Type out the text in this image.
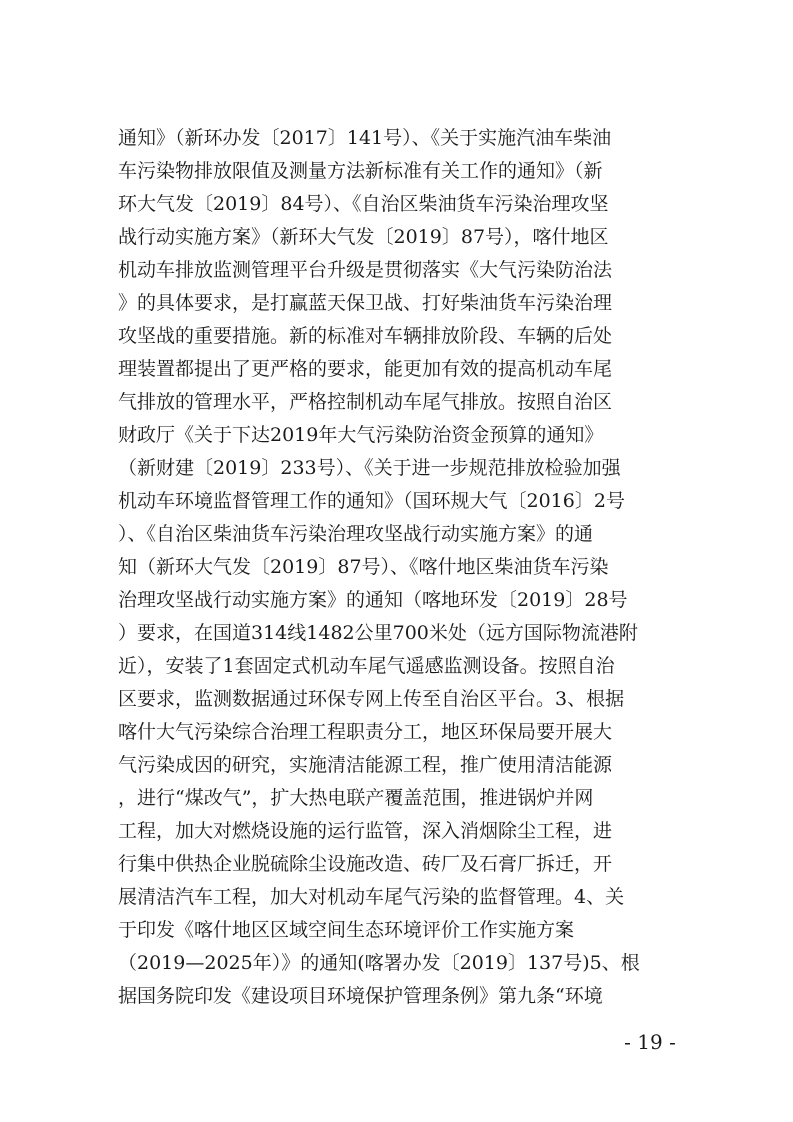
通知》（新环办发〔2017〕141号）、《关于实施汽油车柴油
车污染物排放限值及测量方法新标准有关工作的通知》（新
环大气发〔2019〕84号）、《自治区柴油货车污染治理攻坚
战行动实施方案》（新环大气发〔2019〕87号），喀什地区
机动车排放监测管理平台升级是贯彻落实《大气污染防治法
》的具体要求，是打赢蓝天保卫战、打好柴油货车污染治理
攻坚战的重要措施。新的标准对车辆排放阶段、车辆的后处
理装置都提出了更严格的要求，能更加有效的提高机动车尾
气排放的管理水平，严格控制机动车尾气排放。按照自治区
财政厅《关于下达2019年大气污染防治资金预算的通知》
（新财建〔2019〕233号）、《关于进一步规范排放检验加强
机动车环境监督管理工作的通知》（国环规大气〔2016〕2号
）、《自治区柴油货车污染治理攻坚战行动实施方案》的通
知（新环大气发〔2019〕87号）、《喀什地区柴油货车污染
治理攻坚战行动实施方案》的通知（喀地环发〔2019〕28号
）要求，在国道314线1482公里700米处（远方国际物流港附
近），安装了1套固定式机动车尾气遥感监测设备。按照自治
区要求，监测数据通过环保专网上传至自治区平台。3、根据
喀什大气污染综合治理工程职责分工，地区环保局要开展大
气污染成因的研究，实施清洁能源工程，推广使用清洁能源
，进行“煤改气”，扩大热电联产覆盖范围，推进锅炉并网
工程，加大对燃烧设施的运行监管，深入消烟除尘工程，进
行集中供热企业脱硫除尘设施改造、砖厂及石膏厂拆迁，开
展清洁汽车工程，加大对机动车尾气污染的监督管理。4、关
于印发《喀什地区区域空间生态环境评价工作实施方案
（2019—2025年）》的通知(喀署办发〔2019〕137号)5、根
据国务院印发《建设项目环境保护管理条例》第九条“环境
- 19 -
